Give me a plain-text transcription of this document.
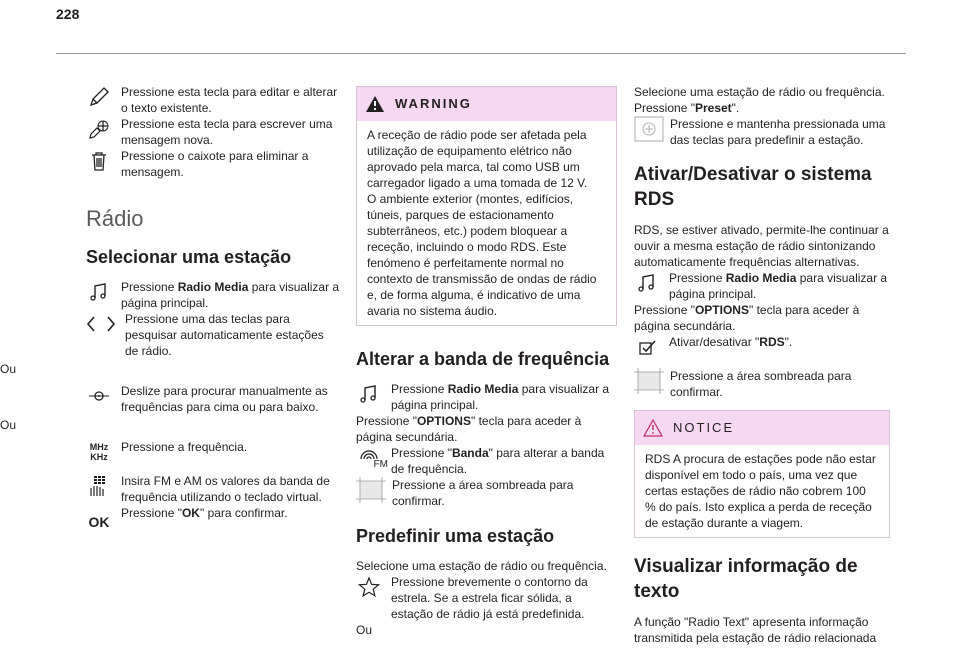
228

Pressione esta tecla para editar e alterar o texto existente.

Pressione esta tecla para escrever uma mensagem nova.

Pressione o caixote para eliminar a mensagem.

Rádio
Selecionar uma estação

Pressione Radio Media para visualizar a página principal.

Pressione uma das teclas para pesquisar automaticamente estações de rádio.

Ou

Deslize para procurar manualmente as frequências para cima ou para baixo.

Ou

MHz
KHz

Pressione a frequência.

Insira FM e AM os valores da banda de frequência utilizando o teclado virtual.

OK

Pressione "OK" para confirmar.

WARNING

A receção de rádio pode ser afetada pela utilização de equipamento elétrico não aprovado pela marca, tal como USB um carregador ligado a uma tomada de 12 V.

O ambiente exterior (montes, edifícios, túneis, parques de estacionamento subterrâneos, etc.) podem bloquear a receção, incluindo o modo RDS. Este fenómeno é perfeitamente normal no contexto de transmissão de ondas de rádio e, de forma alguma, é indicativo de uma avaria no sistema áudio.

Alterar a banda de frequência

Pressione Radio Media para visualizar a página principal.

Pressione "OPTIONS" tecla para aceder à página secundária.

FM

Pressione "Banda" para alterar a banda de frequência.

Pressione a área sombreada para confirmar.

Predefinir uma estação

Selecione uma estação de rádio ou frequência.

Pressione brevemente o contorno da estrela. Se a estrela ficar sólida, a estação de rádio já está predefinida.

Ou

Selecione uma estação de rádio ou frequência.

Pressione "Preset".

Pressione e mantenha pressionada uma das teclas para predefinir a estação.

Ativar/Desativar o sistema RDS

RDS, se estiver ativado, permite-lhe continuar a ouvir a mesma estação de rádio sintonizando automaticamente frequências alternativas.

Pressione Radio Media para visualizar a página principal.

Pressione "OPTIONS" tecla para aceder à página secundária.

Ativar/desativar "RDS".

Pressione a área sombreada para confirmar.

NOTICE

RDS A procura de estações pode não estar disponível em todo o país, uma vez que certas estações de rádio não cobrem 100 % do país. Isto explica a perda de receção de estação durante a viagem.

Visualizar informação de texto

A função "Radio Text" apresenta informação transmitida pela estação de rádio relacionada
